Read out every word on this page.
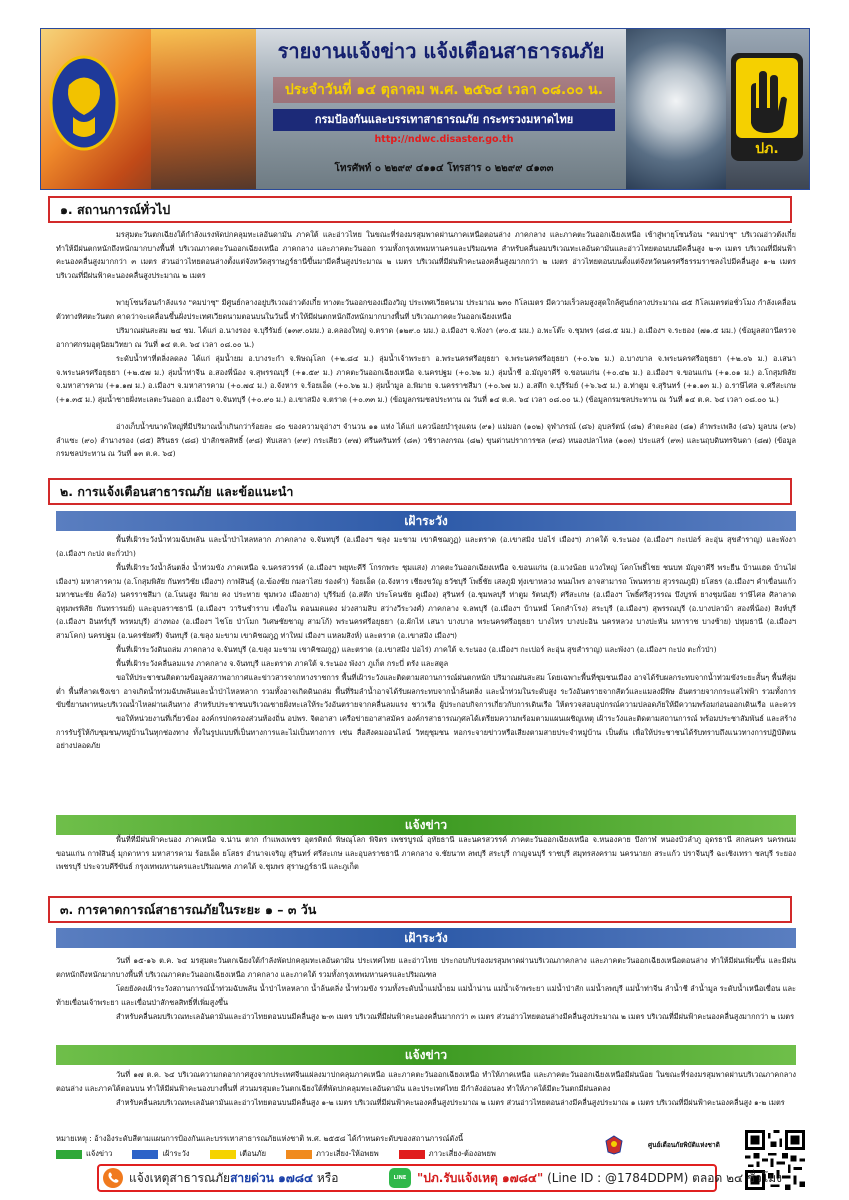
ปภ.
รายงานแจ้งข่าว แจ้งเตือนสาธารณภัย
ประจำวันที่ ๑๔ ตุลาคม พ.ศ. ๒๕๖๔ เวลา ๐๘.๐๐ น.
กรมป้องกันและบรรเทาสาธารณภัย กระทรวงมหาดไทย
http://ndwc.disaster.go.th
โทรศัพท์ ๐ ๒๒๙๙ ๔๑๑๔ โทรสาร ๐ ๒๒๙๙ ๔๑๓๓
๑. สถานการณ์ทั่วไป
มรสุมตะวันตกเฉียงใต้กำลังแรงพัดปกคลุมทะเลอันดามัน ภาคใต้ และอ่าวไทย ในขณะที่ร่องมรสุมพาดผ่านภาคเหนือตอนล่าง ภาคกลาง และภาคตะวันออกเฉียงเหนือ เข้าสู่พายุโซนร้อน "คมปาซุ" บริเวณอ่าวตังเกี๋ย ทำให้มีฝนตกหนักถึงหนักมากบางพื้นที่ บริเวณภาคตะวันออกเฉียงเหนือ ภาคกลาง และภาคตะวันออก รวมทั้งกรุงเทพมหานครและปริมณฑล สำหรับคลื่นลมบริเวณทะเลอันดามันและอ่าวไทยตอนบนมีคลื่นสูง ๒-๓ เมตร บริเวณที่มีฝนฟ้าคะนองคลื่นสูงมากกว่า ๓ เมตร ส่วนอ่าวไทยตอนล่างตั้งแต่จังหวัดสุราษฎร์ธานีขึ้นมามีคลื่นสูงประมาณ ๒ เมตร บริเวณที่มีฝนฟ้าคะนองคลื่นสูงมากกว่า ๒ เมตร อ่าวไทยตอนบนตั้งแต่จังหวัดนครศรีธรรมราชลงไปมีคลื่นสูง ๑-๒ เมตร บริเวณที่มีฝนฟ้าคะนองคลื่นสูงประมาณ ๒ เมตร
พายุโซนร้อนกำลังแรง "คมปาซุ" มีศูนย์กลางอยู่บริเวณอ่าวตังเกี๋ย ทางตะวันออกของเมืองวิญ ประเทศเวียดนาม ประมาณ ๒๓๐ กิโลเมตร มีความเร็วลมสูงสุดใกล้ศูนย์กลางประมาณ ๘๕ กิโลเมตรต่อชั่วโมง กำลังเคลื่อนตัวทางทิศตะวันตก คาดว่าจะเคลื่อนขึ้นฝั่งประเทศเวียดนามตอนบนในวันนี้ ทำให้มีฝนตกหนักถึงหนักมากบางพื้นที่ บริเวณภาคตะวันออกเฉียงเหนือ
ปริมาณฝนสะสม ๒๔ ชม. ได้แก่ อ.นางรอง จ.บุรีรัมย์ (๑๓๙.๐มม.) อ.คลองใหญ่ จ.ตราด (๑๒๙.๐ มม.) อ.เมืองฯ จ.พังงา (๙๐.๕ มม.) อ.พะโต๊ะ จ.ชุมพร (๘๘.๕ มม.) อ.เมืองฯ จ.ระยอง (๗๑.๕ มม.) (ข้อมูลสถานีตรวจอากาศกรมอุตุนิยมวิทยา ณ วันที่ ๑๔ ต.ค. ๖๔ เวลา ๐๘.๐๐ น.)
ระดับน้ำท่าที่ตลิ่งลดลง ได้แก่ ลุ่มน้ำยม อ.บางระกำ จ.พิษณุโลก (+๒.๘๔ ม.) ลุ่มน้ำเจ้าพระยา อ.พระนครศรีอยุธยา จ.พระนครศรีอยุธยา (+๐.๖๒ ม.) อ.บางบาล จ.พระนครศรีอยุธยา (+๒.๐๖ ม.) อ.เสนา จ.พระนครศรีอยุธยา (+๒.๕๗ ม.) ลุ่มน้ำท่าจีน อ.สองพี่น้อง จ.สุพรรณบุรี (+๑.๕๙ ม.) ภาคตะวันออกเฉียงเหนือ จ.นครปฐม (+๐.๖๒ ม.) ลุ่มน้ำชี อ.มัญจาคีรี จ.ขอนแก่น (+๐.๔๒ ม.) อ.เมืองฯ จ.ขอนแก่น (+๑.๐๑ ม.) อ.โกสุมพิสัย จ.มหาสารคาม (+๑.๑๗ ม.) อ.เมืองฯ จ.มหาสารคาม (+๐.๗๔ ม.) อ.จังหาร จ.ร้อยเอ็ด (+๐.๖๒ ม.) ลุ่มน้ำมูล อ.พิมาย จ.นครราชสีมา (+๐.๖๗ ม.) อ.สตึก จ.บุรีรัมย์ (+๖.๖๕ ม.) อ.ท่าตูม จ.สุรินทร์ (+๑.๑๓ ม.) อ.ราษีไศล จ.ศรีสะเกษ (+๑.๓๕ ม.) ลุ่มน้ำชายฝั่งทะเลตะวันออก อ.เมืองฯ จ.จันทบุรี (+๐.๙๐ ม.) อ.เขาสมิง จ.ตราด (+๐.๓๓ ม.) (ข้อมูลกรมชลประทาน ณ วันที่ ๑๔ ต.ค. ๖๔ เวลา ๐๘.๐๐ น.) (ข้อมูลกรมชลประทาน ณ วันที่ ๑๔ ต.ค. ๖๔ เวลา ๐๘.๐๐ น.)
อ่างเก็บน้ำขนาดใหญ่ที่มีปริมาณน้ำเกินกว่าร้อยละ ๘๐ ของความจุอ่างฯ จำนวน ๑๑ แห่ง ได้แก่ แควน้อยบำรุงแดน (๙๑) แม่มอก (๑๐๒) จุฬาภรณ์ (๘๖) อุบลรัตน์ (๘๒) ลำตะคอง (๘๑) ลำพระเพลิง (๘๖) มูลบน (๙๖) ลำแซะ (๙๐) ลำนางรอง (๘๕) สิรินธร (๘๘) ป่าสักชลสิทธิ์ (๙๘) ทับเสลา (๙๙) กระเสียว (๙๗) ศรีนครินทร์ (๘๓) วชิราลงกรณ (๘๒) ขุนด่านปราการชล (๙๘) หนองปลาไหล (๑๐๓) ประแสร์ (๙๓) และนฤบดินทรจินดา (๘๗) (ข้อมูลกรมชลประทาน ณ วันที่ ๑๓ ต.ค. ๖๔)
๒. การแจ้งเตือนสาธารณภัย และข้อแนะนำ
เฝ้าระวัง
พื้นที่เฝ้าระวังน้ำท่วมฉับพลัน และน้ำป่าไหลหลาก ภาคกลาง จ.จันทบุรี (อ.เมืองฯ ขลุง มะขาม เขาคิชฌกูฏ) และตราด (อ.เขาสมิง บ่อไร่ เมืองฯ) ภาคใต้ จ.ระนอง (อ.เมืองฯ กะเปอร์ ละอุ่น สุขสำราญ) และพังงา (อ.เมืองฯ กะปง ตะกั่วป่า)
พื้นที่เฝ้าระวังน้ำล้นตลิ่ง น้ำท่วมขัง ภาคเหนือ จ.นครสวรรค์ (อ.เมืองฯ พยุหะคีรี โกรกพระ ชุมแสง) ภาคตะวันออกเฉียงเหนือ จ.ขอนแก่น (อ.แวงน้อย แวงใหญ่ โคกโพธิ์ไชย ชนบท มัญจาคีรี พระยืน บ้านแฮด บ้านไผ่ เมืองฯ) มหาสารคาม (อ.โกสุมพิสัย กันทรวิชัย เมืองฯ) กาฬสินธุ์ (อ.ฆ้องชัย กมลาไสย ร่องคำ) ร้อยเอ็ด (อ.จังหาร เชียงขวัญ ธวัชบุรี โพธิ์ชัย เสลภูมิ ทุ่งเขาหลวง พนมไพร อาจสามารถ โพนทราย สุวรรณภูมิ) ยโสธร (อ.เมืองฯ คำเขื่อนแก้ว มหาชนะชัย ค้อวัง) นครราชสีมา (อ.โนนสูง พิมาย คง ประทาย ชุมพวง เมืองยาง) บุรีรัมย์ (อ.สตึก ประโคนชัย คูเมือง) สุรินทร์ (อ.ชุมพลบุรี ท่าตูม รัตนบุรี) ศรีสะเกษ (อ.เมืองฯ โพธิ์ศรีสุวรรณ บึงบูรพ์ ยางชุมน้อย ราษีไศล ศิลาลาด อุทุมพรพิสัย กันทรารมย์) และอุบลราชธานี (อ.เมืองฯ วารินชำราบ เขื่องใน ดอนมดแดง ม่วงสามสิบ สว่างวีระวงศ์) ภาคกลาง จ.ลพบุรี (อ.เมืองฯ บ้านหมี่ โคกสำโรง) สระบุรี (อ.เมืองฯ) สุพรรณบุรี (อ.บางปลาม้า สองพี่น้อง) สิงห์บุรี (อ.เมืองฯ อินทร์บุรี พรหมบุรี) อ่างทอง (อ.เมืองฯ ไชโย ป่าโมก วิเศษชัยชาญ สามโก้) พระนครศรีอยุธยา (อ.ผักไห่ เสนา บางบาล พระนครศรีอยุธยา บางไทร บางปะอิน นครหลวง บางปะหัน มหาราช บางซ้าย) ปทุมธานี (อ.เมืองฯ สามโคก) นครปฐม (อ.นครชัยศรี) จันทบุรี (อ.ขลุง มะขาม เขาคิชฌกูฏ ท่าใหม่ เมืองฯ แหลมสิงห์) และตราด (อ.เขาสมิง เมืองฯ)
พื้นที่เฝ้าระวังดินถล่ม ภาคกลาง จ.จันทบุรี (อ.ขลุง มะขาม เขาคิชฌกูฏ) และตราด (อ.เขาสมิง บ่อไร่) ภาคใต้ จ.ระนอง (อ.เมืองฯ กะเปอร์ ละอุ่น สุขสำราญ) และพังงา (อ.เมืองฯ กะปง ตะกั่วป่า)
พื้นที่เฝ้าระวังคลื่นลมแรง ภาคกลาง จ.จันทบุรี และตราด ภาคใต้ จ.ระนอง พังงา ภูเก็ต กระบี่ ตรัง และสตูล
ขอให้ประชาชนติดตามข้อมูลสภาพอากาศและข่าวสารจากทางราชการ พื้นที่เฝ้าระวังและติดตามสถานการณ์ฝนตกหนัก ปริมาณฝนสะสม โดยเฉพาะพื้นที่ชุมชนเมือง อาจได้รับผลกระทบจากน้ำท่วมขังระยะสั้นๆ พื้นที่ลุ่มต่ำ พื้นที่ลาดเชิงเขา อาจเกิดน้ำท่วมฉับพลันและน้ำป่าไหลหลาก รวมทั้งอาจเกิดดินถล่ม พื้นที่ริมลำน้ำอาจได้รับผลกระทบจากน้ำล้นตลิ่ง และน้ำท่วมในระดับสูง ระวังอันตรายจากสัตว์และแมลงมีพิษ อันตรายจากกระแสไฟฟ้า รวมทั้งการขับขี่ยานพาหนะบริเวณน้ำไหลผ่านเส้นทาง สำหรับประชาชนบริเวณชายฝั่งทะเลให้ระวังอันตรายจากคลื่นลมแรง ชาวเรือ ผู้ประกอบกิจการเกี่ยวกับการเดินเรือ ให้ตรวจสอบอุปกรณ์ความปลอดภัยให้มีความพร้อมก่อนออกเดินเรือ และควร
ขอให้หน่วยงานที่เกี่ยวข้อง องค์กรปกครองส่วนท้องถิ่น อปพร. จิตอาสา เครือข่ายอาสาสมัคร องค์กรสาธารณกุศลได้เตรียมความพร้อมตามแผนเผชิญเหตุ เฝ้าระวังและติดตามสถานการณ์ พร้อมประชาสัมพันธ์ และสร้างการรับรู้ให้กับชุมชน/หมู่บ้านในทุกช่องทาง ทั้งในรูปแบบที่เป็นทางการและไม่เป็นทางการ เช่น สื่อสังคมออนไลน์ วิทยุชุมชน หอกระจายข่าวหรือเสียงตามสายประจำหมู่บ้าน เป็นต้น เพื่อให้ประชาชนได้รับทราบถึงแนวทางการปฏิบัติตนอย่างปลอดภัย
แจ้งข่าว
พื้นที่ที่มีฝนฟ้าคะนอง ภาคเหนือ จ.น่าน ตาก กำแพงเพชร อุตรดิตถ์ พิษณุโลก พิจิตร เพชรบูรณ์ อุทัยธานี และนครสวรรค์ ภาคตะวันออกเฉียงเหนือ จ.หนองคาย บึงกาฬ หนองบัวลำภู อุดรธานี สกลนคร นครพนม ขอนแก่น กาฬสินธุ์ มุกดาหาร มหาสารคาม ร้อยเอ็ด ยโสธร อำนาจเจริญ สุรินทร์ ศรีสะเกษ และอุบลราชธานี ภาคกลาง จ.ชัยนาท ลพบุรี สระบุรี กาญจนบุรี ราชบุรี สมุทรสงคราม นครนายก สระแก้ว ปราจีนบุรี ฉะเชิงเทรา ชลบุรี ระยอง เพชรบุรี ประจวบคีรีขันธ์ กรุงเทพมหานครและปริมณฑล ภาคใต้ จ.ชุมพร สุราษฎร์ธานี และภูเก็ต
๓. การคาดการณ์สาธารณภัยในระยะ ๑ – ๓ วัน
เฝ้าระวัง
วันที่ ๑๕-๑๖ ต.ค. ๖๔ มรสุมตะวันตกเฉียงใต้กำลังพัดปกคลุมทะเลอันดามัน ประเทศไทย และอ่าวไทย ประกอบกับร่องมรสุมพาดผ่านบริเวณภาคกลาง และภาคตะวันออกเฉียงเหนือตอนล่าง ทำให้มีฝนเพิ่มขึ้น และมีฝนตกหนักถึงหนักมากบางพื้นที่ บริเวณภาคตะวันออกเฉียงเหนือ ภาคกลาง และภาคใต้ รวมทั้งกรุงเทพมหานครและปริมณฑล
โดยยังคงเฝ้าระวังสถานการณ์น้ำท่วมฉับพลัน น้ำป่าไหลหลาก น้ำล้นตลิ่ง น้ำท่วมขัง รวมทั้งระดับน้ำแม่น้ำยม แม่น้ำน่าน แม่น้ำเจ้าพระยา แม่น้ำป่าสัก แม่น้ำลพบุรี แม่น้ำท่าจีน ลำน้ำชี ลำน้ำมูล ระดับน้ำเหนือเขื่อน และท้ายเขื่อนเจ้าพระยา และเขื่อนป่าสักชลสิทธิ์ที่เพิ่มสูงขึ้น
สำหรับคลื่นลมบริเวณทะเลอันดามันและอ่าวไทยตอนบนมีคลื่นสูง ๒-๓ เมตร บริเวณที่มีฝนฟ้าคะนองคลื่นมากกว่า ๓ เมตร ส่วนอ่าวไทยตอนล่างมีคลื่นสูงประมาณ ๒ เมตร บริเวณที่มีฝนฟ้าคะนองคลื่นสูงมากกว่า ๒ เมตร
แจ้งข่าว
วันที่ ๑๗ ต.ค. ๖๔ บริเวณความกดอากาศสูงจากประเทศจีนแผ่ลงมาปกคลุมภาคเหนือ และภาคตะวันออกเฉียงเหนือ ทำให้ภาคเหนือ และภาคตะวันออกเฉียงเหนือมีฝนน้อย ในขณะที่ร่องมรสุมพาดผ่านบริเวณภาคกลางตอนล่าง และภาคใต้ตอนบน ทำให้มีฝนฟ้าคะนองบางพื้นที่ ส่วนมรสุมตะวันตกเฉียงใต้ที่พัดปกคลุมทะเลอันดามัน และประเทศไทย มีกำลังอ่อนลง ทำให้ภาคใต้มีตะวันตกมีฝนลดลง
สำหรับคลื่นลมบริเวณทะเลอันดามันและอ่าวไทยตอนบนมีคลื่นสูง ๑-๒ เมตร บริเวณที่มีฝนฟ้าคะนองคลื่นสูงประมาณ ๒ เมตร ส่วนอ่าวไทยตอนล่างมีคลื่นสูงประมาณ ๑ เมตร บริเวณที่มีฝนฟ้าคะนองคลื่นสูง ๑-๒ เมตร
หมายเหตุ : อ้างอิงระดับสีตามแผนการป้องกันและบรรเทาสาธารณภัยแห่งชาติ พ.ศ. ๒๕๕๘ ได้กำหนดระดับของสถานการณ์ดังนี้
แจ้งข่าว	เฝ้าระวัง	เตือนภัย	ภาวะเสี่ยง-ให้อพยพ	ภาวะเสี่ยง-ต้องอพยพ
ศูนย์เตือนภัยพิบัติแห่งชาติ
แจ้งเหตุสาธารณภัยสายด่วน ๑๗๘๔ หรือ	LINE "ปภ.รับแจ้งเหตุ ๑๗๘๔" (Line ID : @1784DDPM) ตลอด ๒๔ ชั่วโมง
